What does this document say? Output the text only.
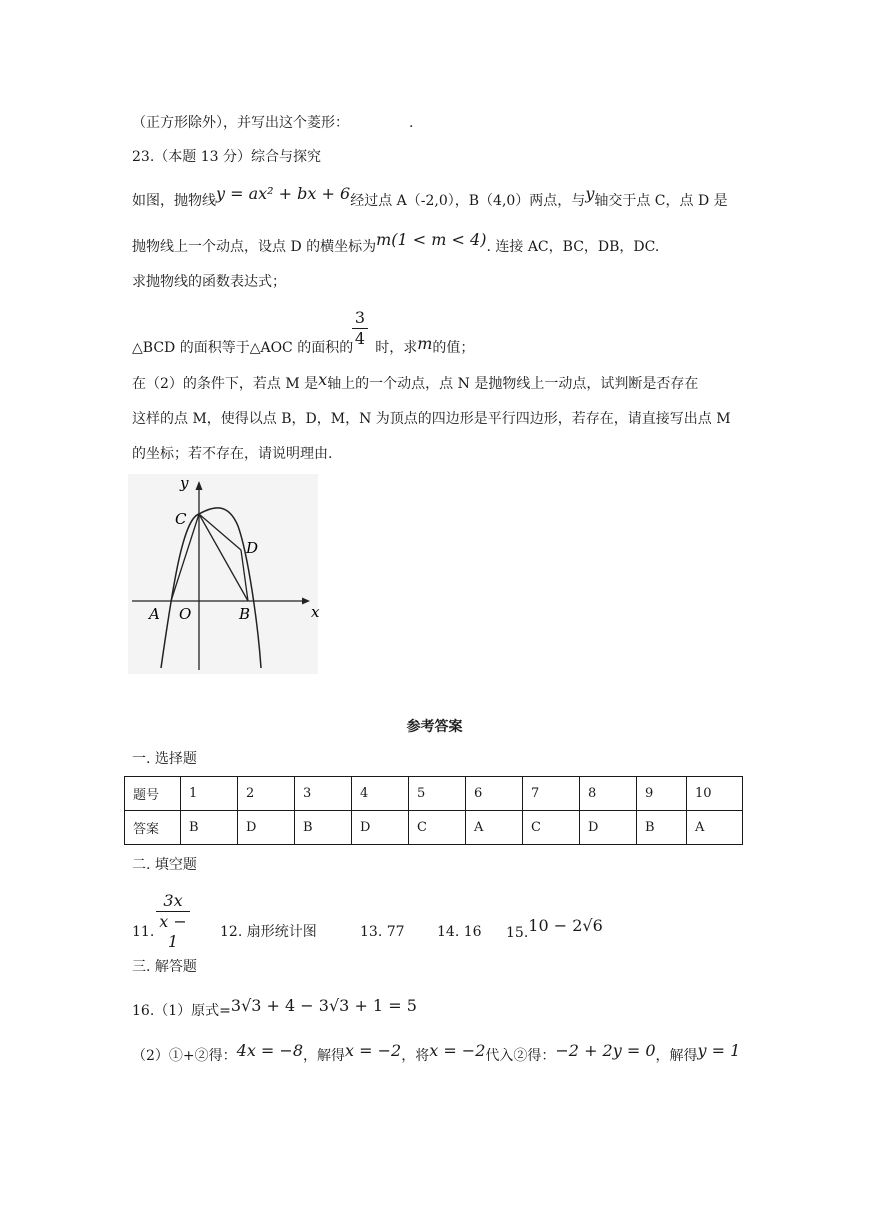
（正方形除外），并写出这个菱形：	.
23.（本题 13 分）综合与探究
如图，抛物线y = ax² + bx + 6经过点 A（-2,0），B（4,0）两点，与y轴交于点 C，点 D 是
抛物线上一个动点，设点 D 的横坐标为m(1 < m < 4). 连接 AC，BC，DB，DC.
求抛物线的函数表达式；
△BCD 的面积等于△AOC 的面积的 时，求m的值；
3
4
在（2）的条件下，若点 M 是x轴上的一个动点，点 N 是抛物线上一动点，试判断是否存在
这样的点 M，使得以点 B，D，M，N 为顶点的四边形是平行四边形，若存在，请直接写出点 M
的坐标；若不存在，请说明理由.
y
x
C
D
A O	B
参考答案
一. 选择题
题号	1	2	3	4	5	6	7	8	9	10
答案	B	D	B	D	C	A	C	D	B	A
二. 填空题
11.
3x
x − 1	12. 扇形统计图	13. 77 14. 16 15.10 − 2√6
三. 解答题
16.（1）原式=3√3 + 4 − 3√3 + 1 = 5
（2）①+②得：4x = −8，解得x = −2，将x = −2代入②得：−2 + 2y = 0，解得y = 1
